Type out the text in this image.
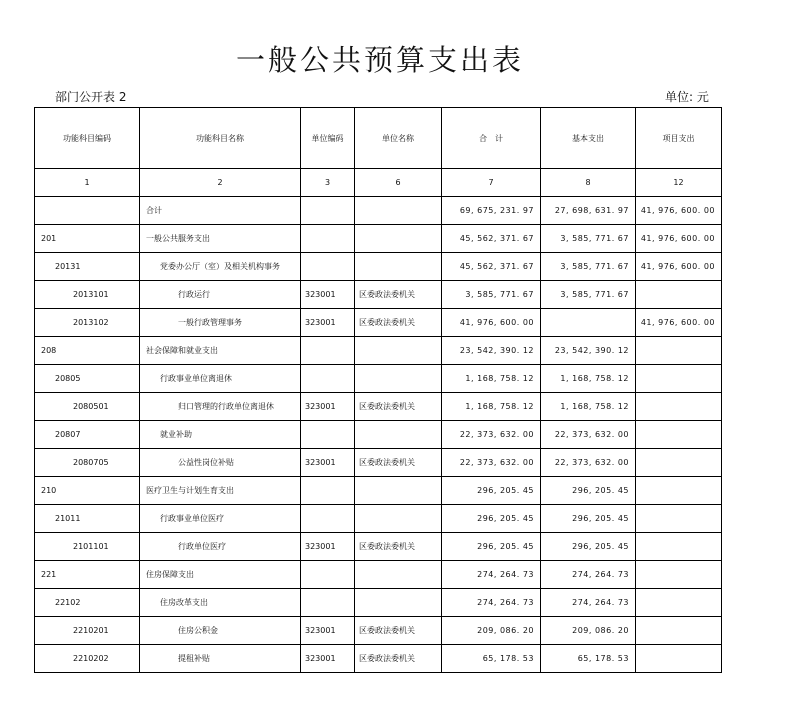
一般公共预算支出表
部门公开表 2	单位: 元
功能科目编码	功能科目名称	单位编码	单位名称	合　计	基本支出	项目支出
1	2	3	6	7	8	12
	合计			69, 675, 231. 97	27, 698, 631. 97	41, 976, 600. 00
201	一般公共服务支出			45, 562, 371. 67	3, 585, 771. 67	41, 976, 600. 00
20131	党委办公厅（室）及相关机构事务			45, 562, 371. 67	3, 585, 771. 67	41, 976, 600. 00
2013101	行政运行	323001	区委政法委机关	3, 585, 771. 67	3, 585, 771. 67	
2013102	一般行政管理事务	323001	区委政法委机关	41, 976, 600. 00		41, 976, 600. 00
208	社会保障和就业支出			23, 542, 390. 12	23, 542, 390. 12	
20805	行政事业单位离退休			1, 168, 758. 12	1, 168, 758. 12	
2080501	归口管理的行政单位离退休	323001	区委政法委机关	1, 168, 758. 12	1, 168, 758. 12	
20807	就业补助			22, 373, 632. 00	22, 373, 632. 00	
2080705	公益性岗位补贴	323001	区委政法委机关	22, 373, 632. 00	22, 373, 632. 00	
210	医疗卫生与计划生育支出			296, 205. 45	296, 205. 45	
21011	行政事业单位医疗			296, 205. 45	296, 205. 45	
2101101	行政单位医疗	323001	区委政法委机关	296, 205. 45	296, 205. 45	
221	住房保障支出			274, 264. 73	274, 264. 73	
22102	住房改革支出			274, 264. 73	274, 264. 73	
2210201	住房公积金	323001	区委政法委机关	209, 086. 20	209, 086. 20	
2210202	提租补贴	323001	区委政法委机关	65, 178. 53	65, 178. 53	
